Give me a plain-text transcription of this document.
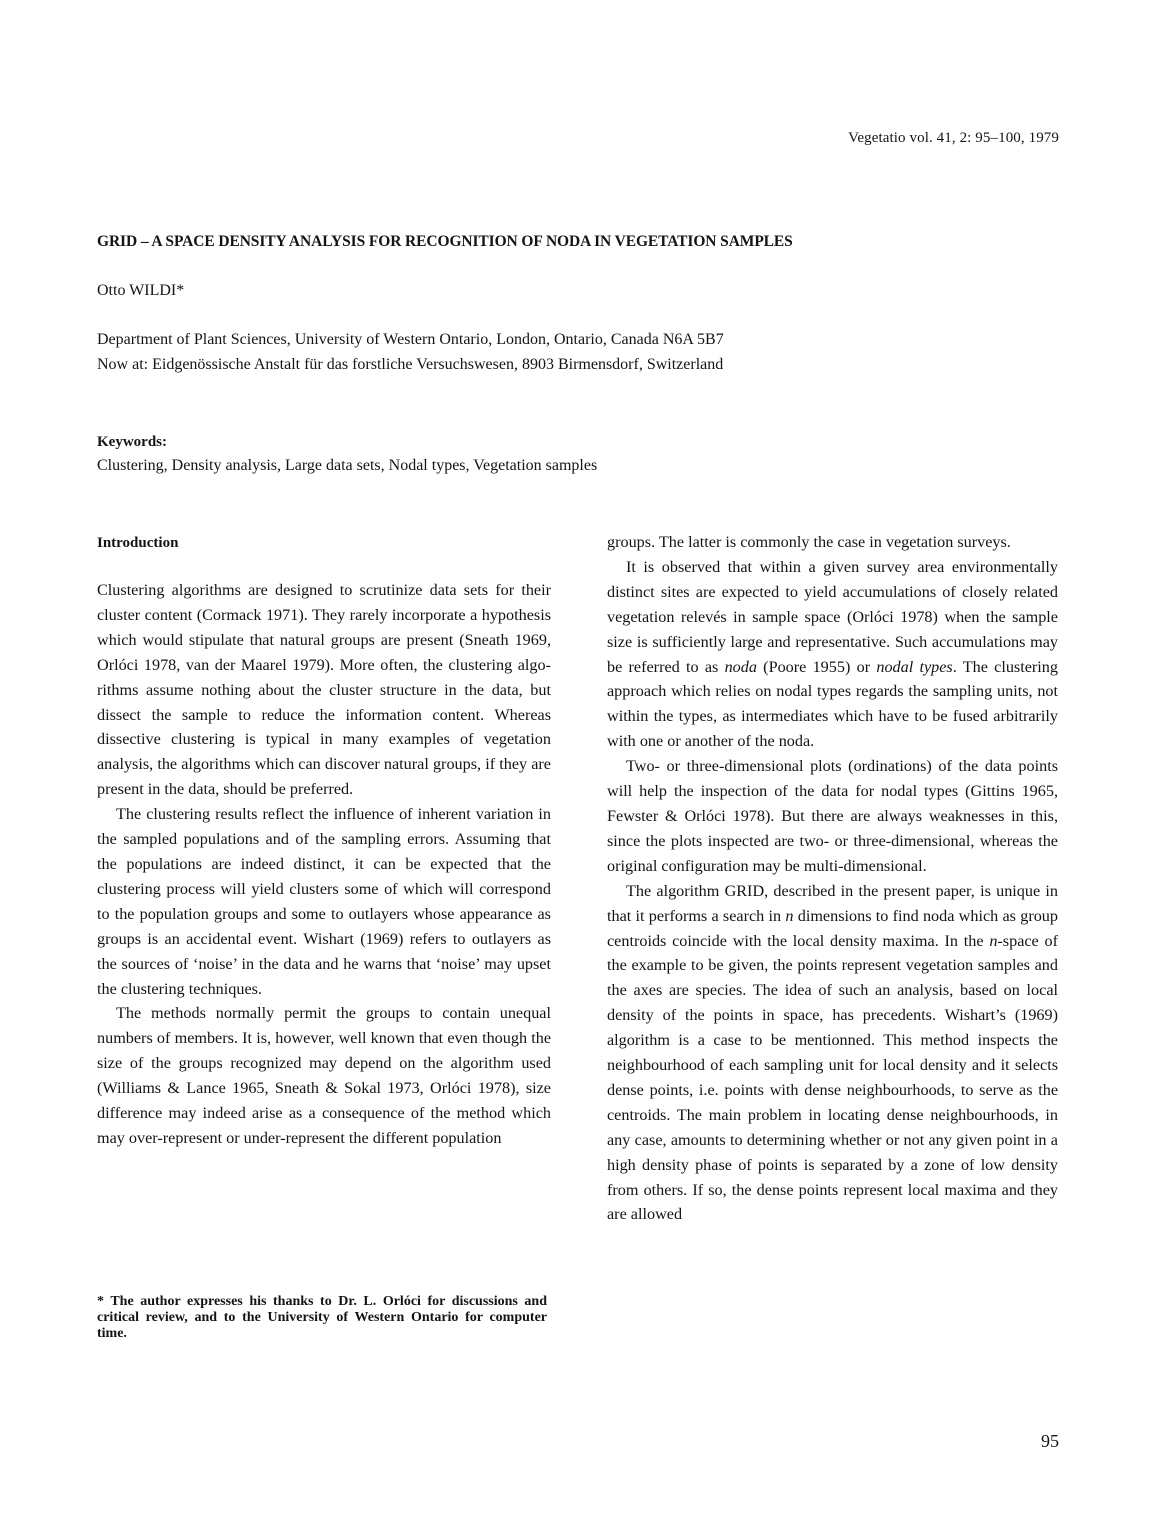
Vegetatio vol. 41, 2: 95–100, 1979
GRID – A SPACE DENSITY ANALYSIS FOR RECOGNITION OF NODA IN VEGETATION SAMPLES
Otto WILDI*
Department of Plant Sciences, University of Western Ontario, London, Ontario, Canada N6A 5B7
Now at: Eidgenössische Anstalt für das forstliche Versuchswesen, 8903 Birmensdorf, Switzerland
Keywords:
Clustering, Density analysis, Large data sets, Nodal types, Vegetation samples
Introduction

Clustering algorithms are designed to scrutinize data sets for their cluster content (Cormack 1971). They rarely incorporate a hypothesis which would stipulate that natural groups are present (Sneath 1969, Orlóci 1978, van der Maarel 1979). More often, the clustering algorithms assume nothing about the cluster structure in the data, but dissect the sample to reduce the information content. Whereas dissective clustering is typical in many examples of vegetation analysis, the algorithms which can discover natural groups, if they are present in the data, should be preferred.

The clustering results reflect the influence of inherent variation in the sampled populations and of the sampling errors. Assuming that the populations are indeed distinct, it can be expected that the clustering process will yield clusters some of which will correspond to the population groups and some to outlayers whose appearance as groups is an accidental event. Wishart (1969) refers to outlayers as the sources of ‘noise’ in the data and he warns that ‘noise’ may upset the clustering techniques.

The methods normally permit the groups to contain unequal numbers of members. It is, however, well known that even though the size of the groups recognized may depend on the algorithm used (Williams & Lance 1965, Sneath & Sokal 1973, Orlóci 1978), size difference may indeed arise as a consequence of the method which may over-represent or under-represent the different population

* The author expresses his thanks to Dr. L. Orlóci for discussions and critical review, and to the University of Western Ontario for computer time.

groups. The latter is commonly the case in vegetation surveys.

It is observed that within a given survey area environmentally distinct sites are expected to yield accumulations of closely related vegetation relevés in sample space (Orlóci 1978) when the sample size is sufficiently large and representative. Such accumulations may be referred to as noda (Poore 1955) or nodal types. The clustering approach which relies on nodal types regards the sampling units, not within the types, as intermediates which have to be fused arbitrarily with one or another of the noda.

Two- or three-dimensional plots (ordinations) of the data points will help the inspection of the data for nodal types (Gittins 1965, Fewster & Orlóci 1978). But there are always weaknesses in this, since the plots inspected are two- or three-dimensional, whereas the original configuration may be multi-dimensional.

The algorithm GRID, described in the present paper, is unique in that it performs a search in n dimensions to find noda which as group centroids coincide with the local density maxima. In the n-space of the example to be given, the points represent vegetation samples and the axes are species. The idea of such an analysis, based on local density of the points in space, has precedents. Wishart’s (1969) algorithm is a case to be mentionned. This method inspects the neighbourhood of each sampling unit for local density and it selects dense points, i.e. points with dense neighbourhoods, to serve as the centroids. The main problem in locating dense neighbourhoods, in any case, amounts to determining whether or not any given point in a high density phase of points is separated by a zone of low density from others. If so, the dense points represent local maxima and they are allowed

95
